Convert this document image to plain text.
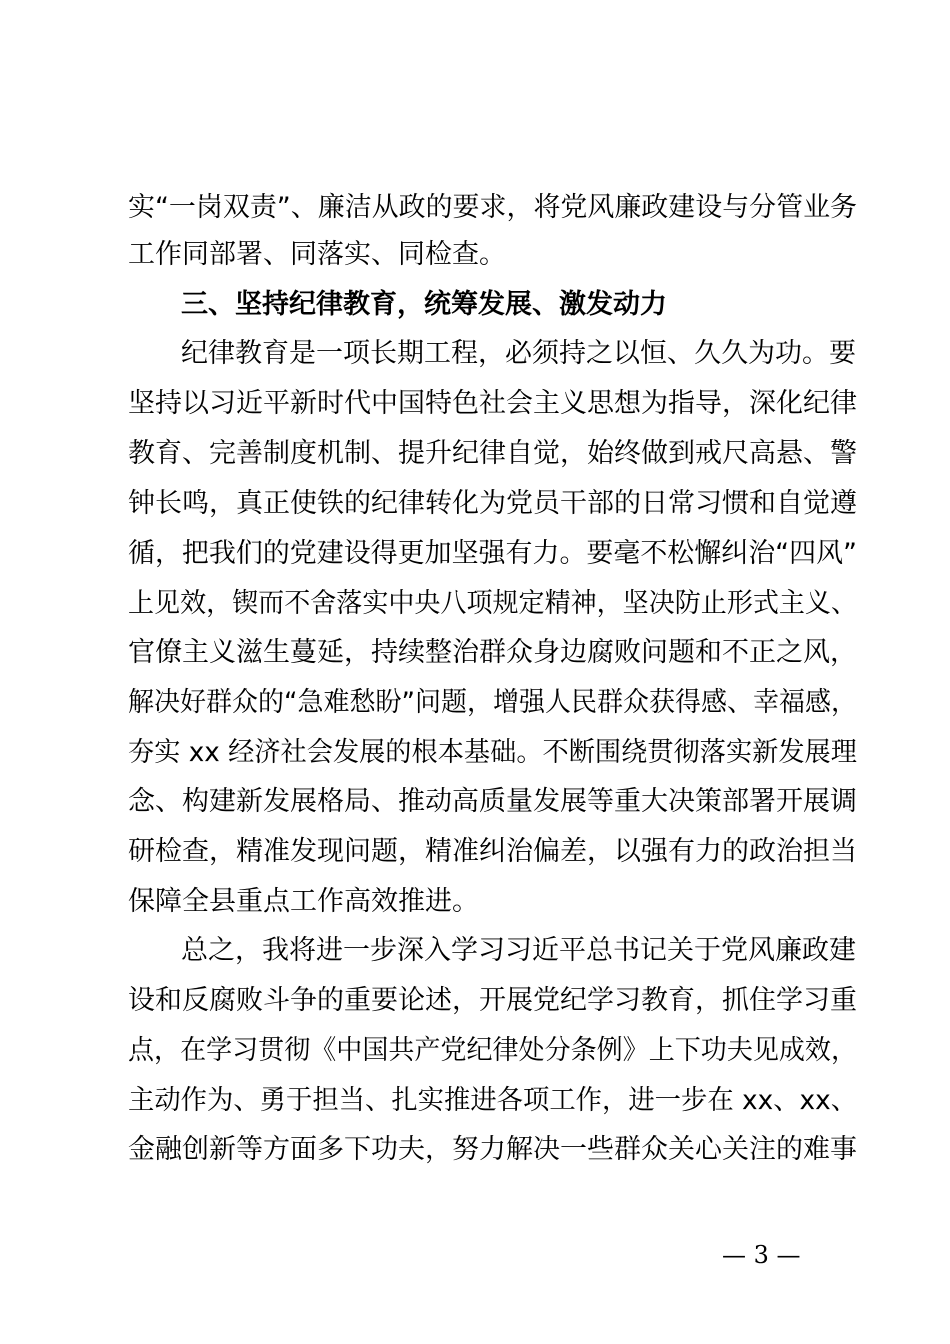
实“一岗双责”、廉洁从政的要求，将党风廉政建设与分管业务
工作同部署、同落实、同检查。
三、坚持纪律教育，统筹发展、激发动力
纪律教育是一项长期工程，必须持之以恒、久久为功。要
坚持以习近平新时代中国特色社会主义思想为指导，深化纪律
教育、完善制度机制、提升纪律自觉，始终做到戒尺高悬、警
钟长鸣，真正使铁的纪律转化为党员干部的日常习惯和自觉遵
循，把我们的党建设得更加坚强有力。要毫不松懈纠治“四风”
上见效，锲而不舍落实中央八项规定精神，坚决防止形式主义、
官僚主义滋生蔓延，持续整治群众身边腐败问题和不正之风，
解决好群众的“急难愁盼”问题，增强人民群众获得感、幸福感，
夯实 xx 经济社会发展的根本基础。不断围绕贯彻落实新发展理
念、构建新发展格局、推动高质量发展等重大决策部署开展调
研检查，精准发现问题，精准纠治偏差，以强有力的政治担当
保障全县重点工作高效推进。
总之，我将进一步深入学习习近平总书记关于党风廉政建
设和反腐败斗争的重要论述，开展党纪学习教育，抓住学习重
点，在学习贯彻《中国共产党纪律处分条例》上下功夫见成效，
主动作为、勇于担当、扎实推进各项工作，进一步在 xx、xx、
金融创新等方面多下功夫，努力解决一些群众关心关注的难事
— 3 —
